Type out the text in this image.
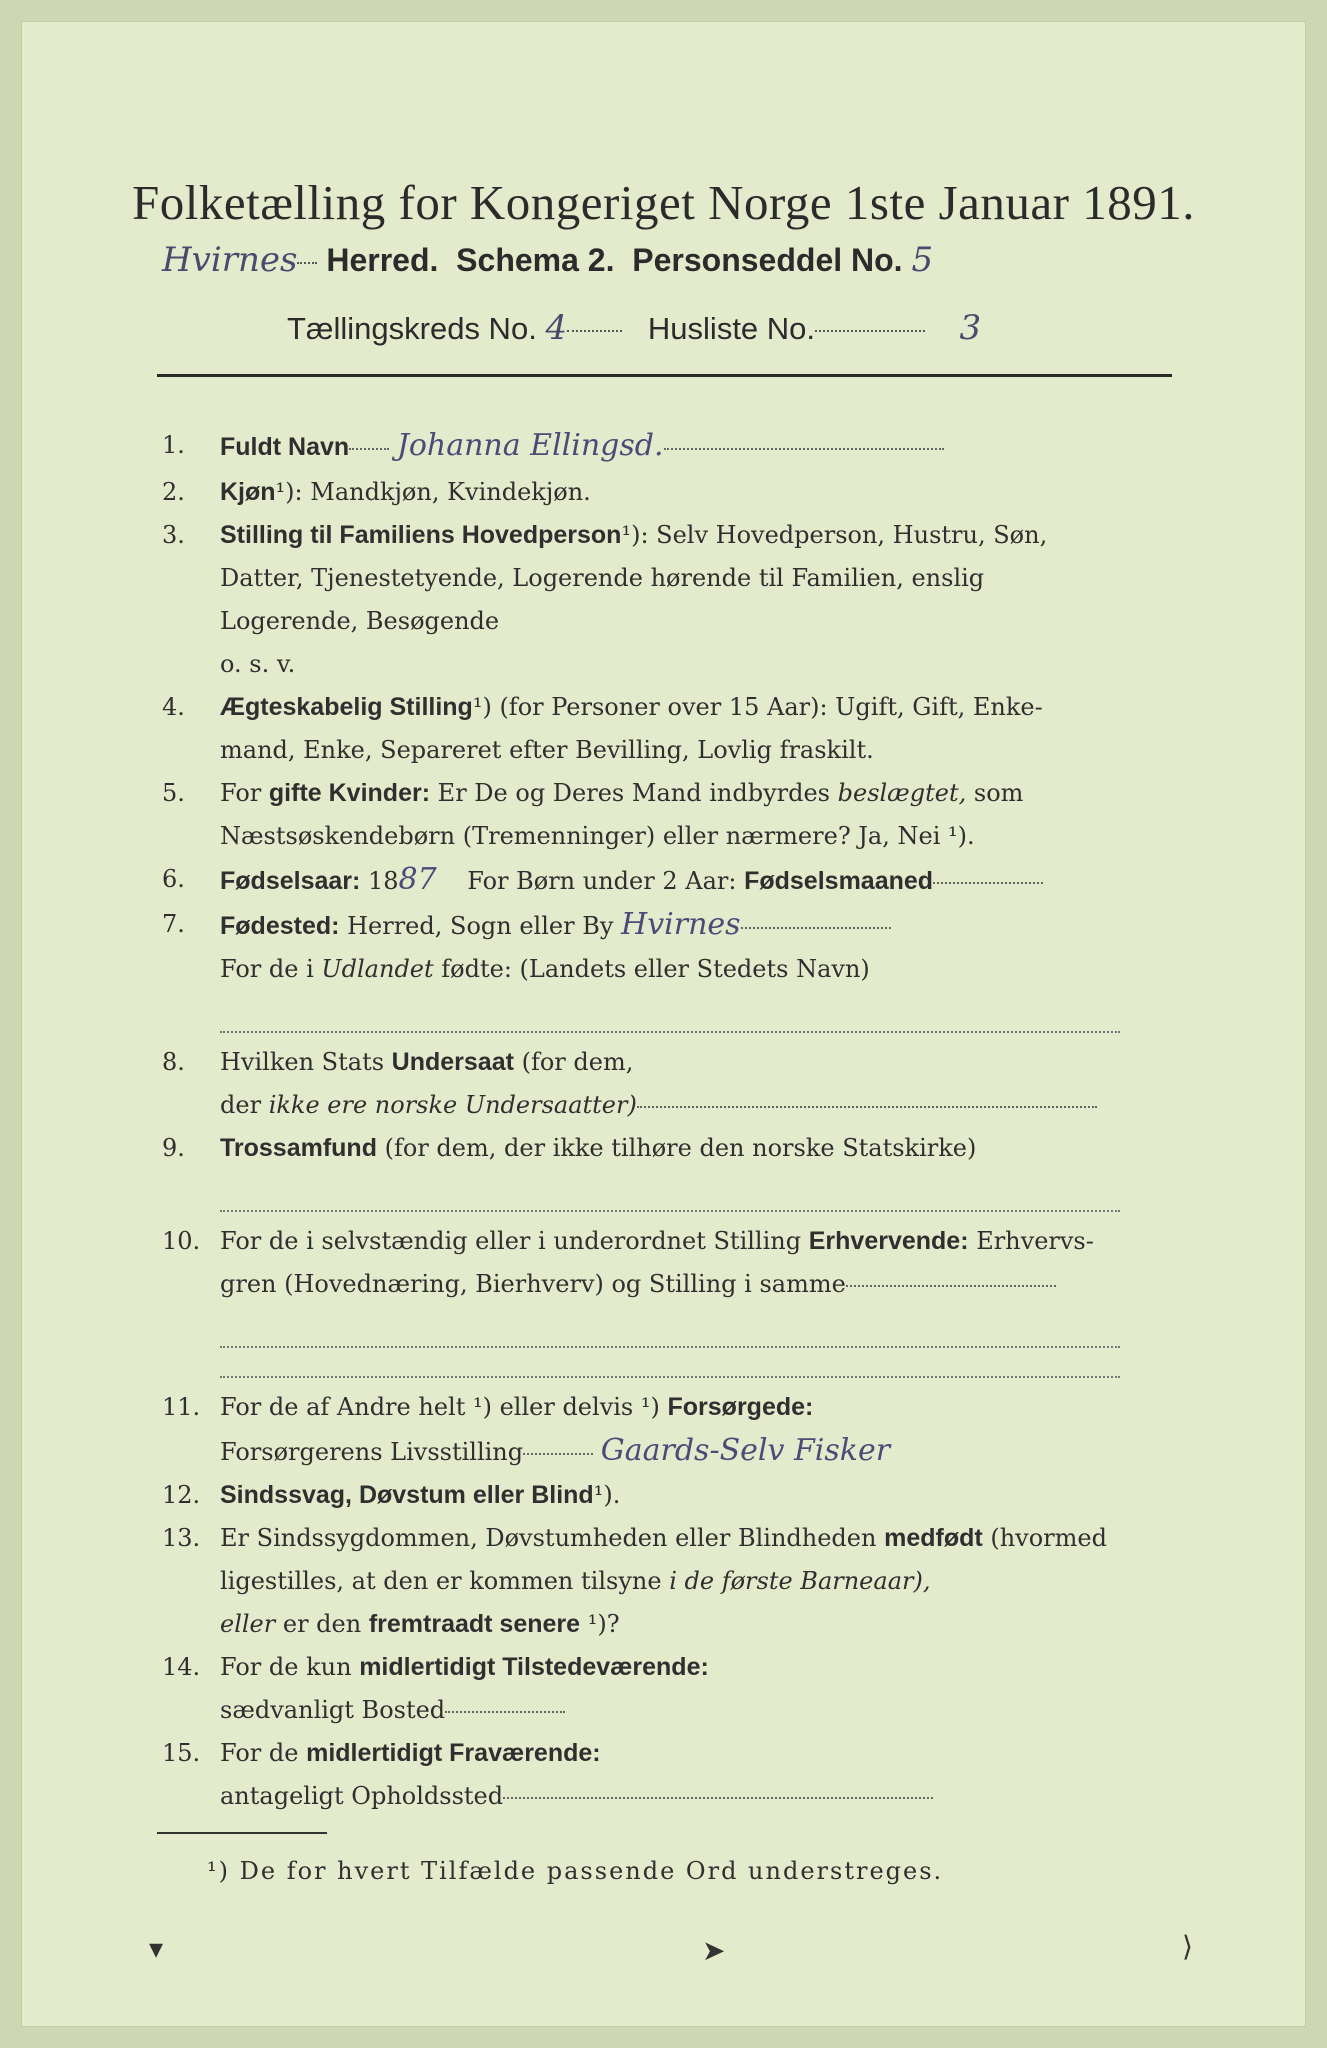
Folketælling for Kongeriget Norge 1ste Januar 1891.
Hvirnes Herred. Schema 2. Personseddel No. 5
Tællingskreds No. 4	Husliste No.	3
1.	Fuldt Navn Johanna Ellingsd.
2.	Kjøn¹): Mandkjøn, Kvindekjøn.
3.	Stilling til Familiens Hovedperson¹): Selv Hovedperson, Hustru, Søn,
Datter, Tjenestetyende, Logerende hørende til Familien, enslig
Logerende, Besøgende
o. s. v.
4.	Ægteskabelig Stilling¹) (for Personer over 15 Aar): Ugift, Gift, Enke-
mand, Enke, Separeret efter Bevilling, Lovlig fraskilt.
5.	For gifte Kvinder: Er De og Deres Mand indbyrdes beslægtet, som
Næstsøskendebørn (Tremenninger) eller nærmere? Ja, Nei ¹).
6.	Fødselsaar: 1887 For Børn under 2 Aar: Fødselsmaaned
7.	Fødested: Herred, Sogn eller By Hvirnes
For de i Udlandet fødte: (Landets eller Stedets Navn)
8.	Hvilken Stats Undersaat (for dem,
der ikke ere norske Undersaatter)
9.	Trossamfund (for dem, der ikke tilhøre den norske Statskirke)
10. For de i selvstændig eller i underordnet Stilling Erhvervende: Erhvervs-
gren (Hovednæring, Bierhverv) og Stilling i samme
11. For de af Andre helt ¹) eller delvis ¹) Forsørgede:
Forsørgerens Livsstilling	Gaards-Selv Fisker
12. Sindssvag, Døvstum eller Blind¹).
13. Er Sindssygdommen, Døvstumheden eller Blindheden medfødt (hvormed
ligestilles, at den er kommen tilsyne i de første Barneaar),
eller er den fremtraadt senere ¹)?
14. For de kun midlertidigt Tilstedeværende:
sædvanligt Bosted
15. For de midlertidigt Fraværende:
antageligt Opholdssted
¹) De for hvert Tilfælde passende Ord understreges.
▾	➤	⟩
